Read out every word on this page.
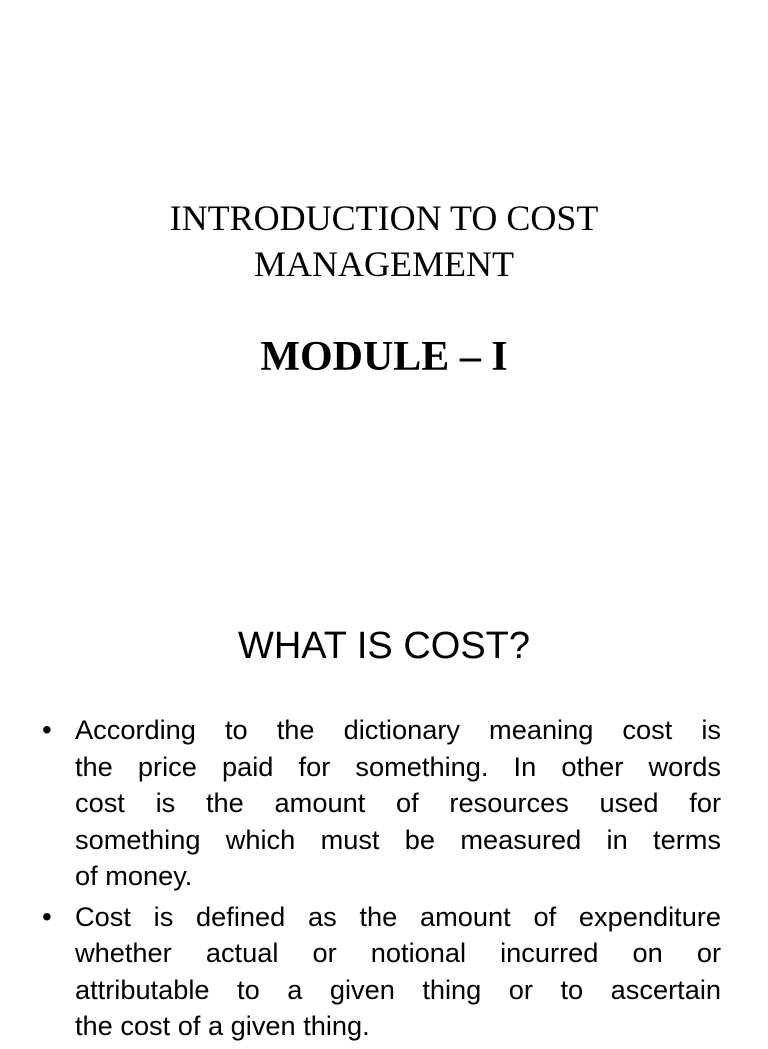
INTRODUCTION TO COST
MANAGEMENT
MODULE – I
WHAT IS COST?
• According to the dictionary meaning cost is
the price paid for something. In other words
cost is the amount of resources used for
something which must be measured in terms
of money.
• Cost is defined as the amount of expenditure
whether actual or notional incurred on or
attributable to a given thing or to ascertain
the cost of a given thing.
